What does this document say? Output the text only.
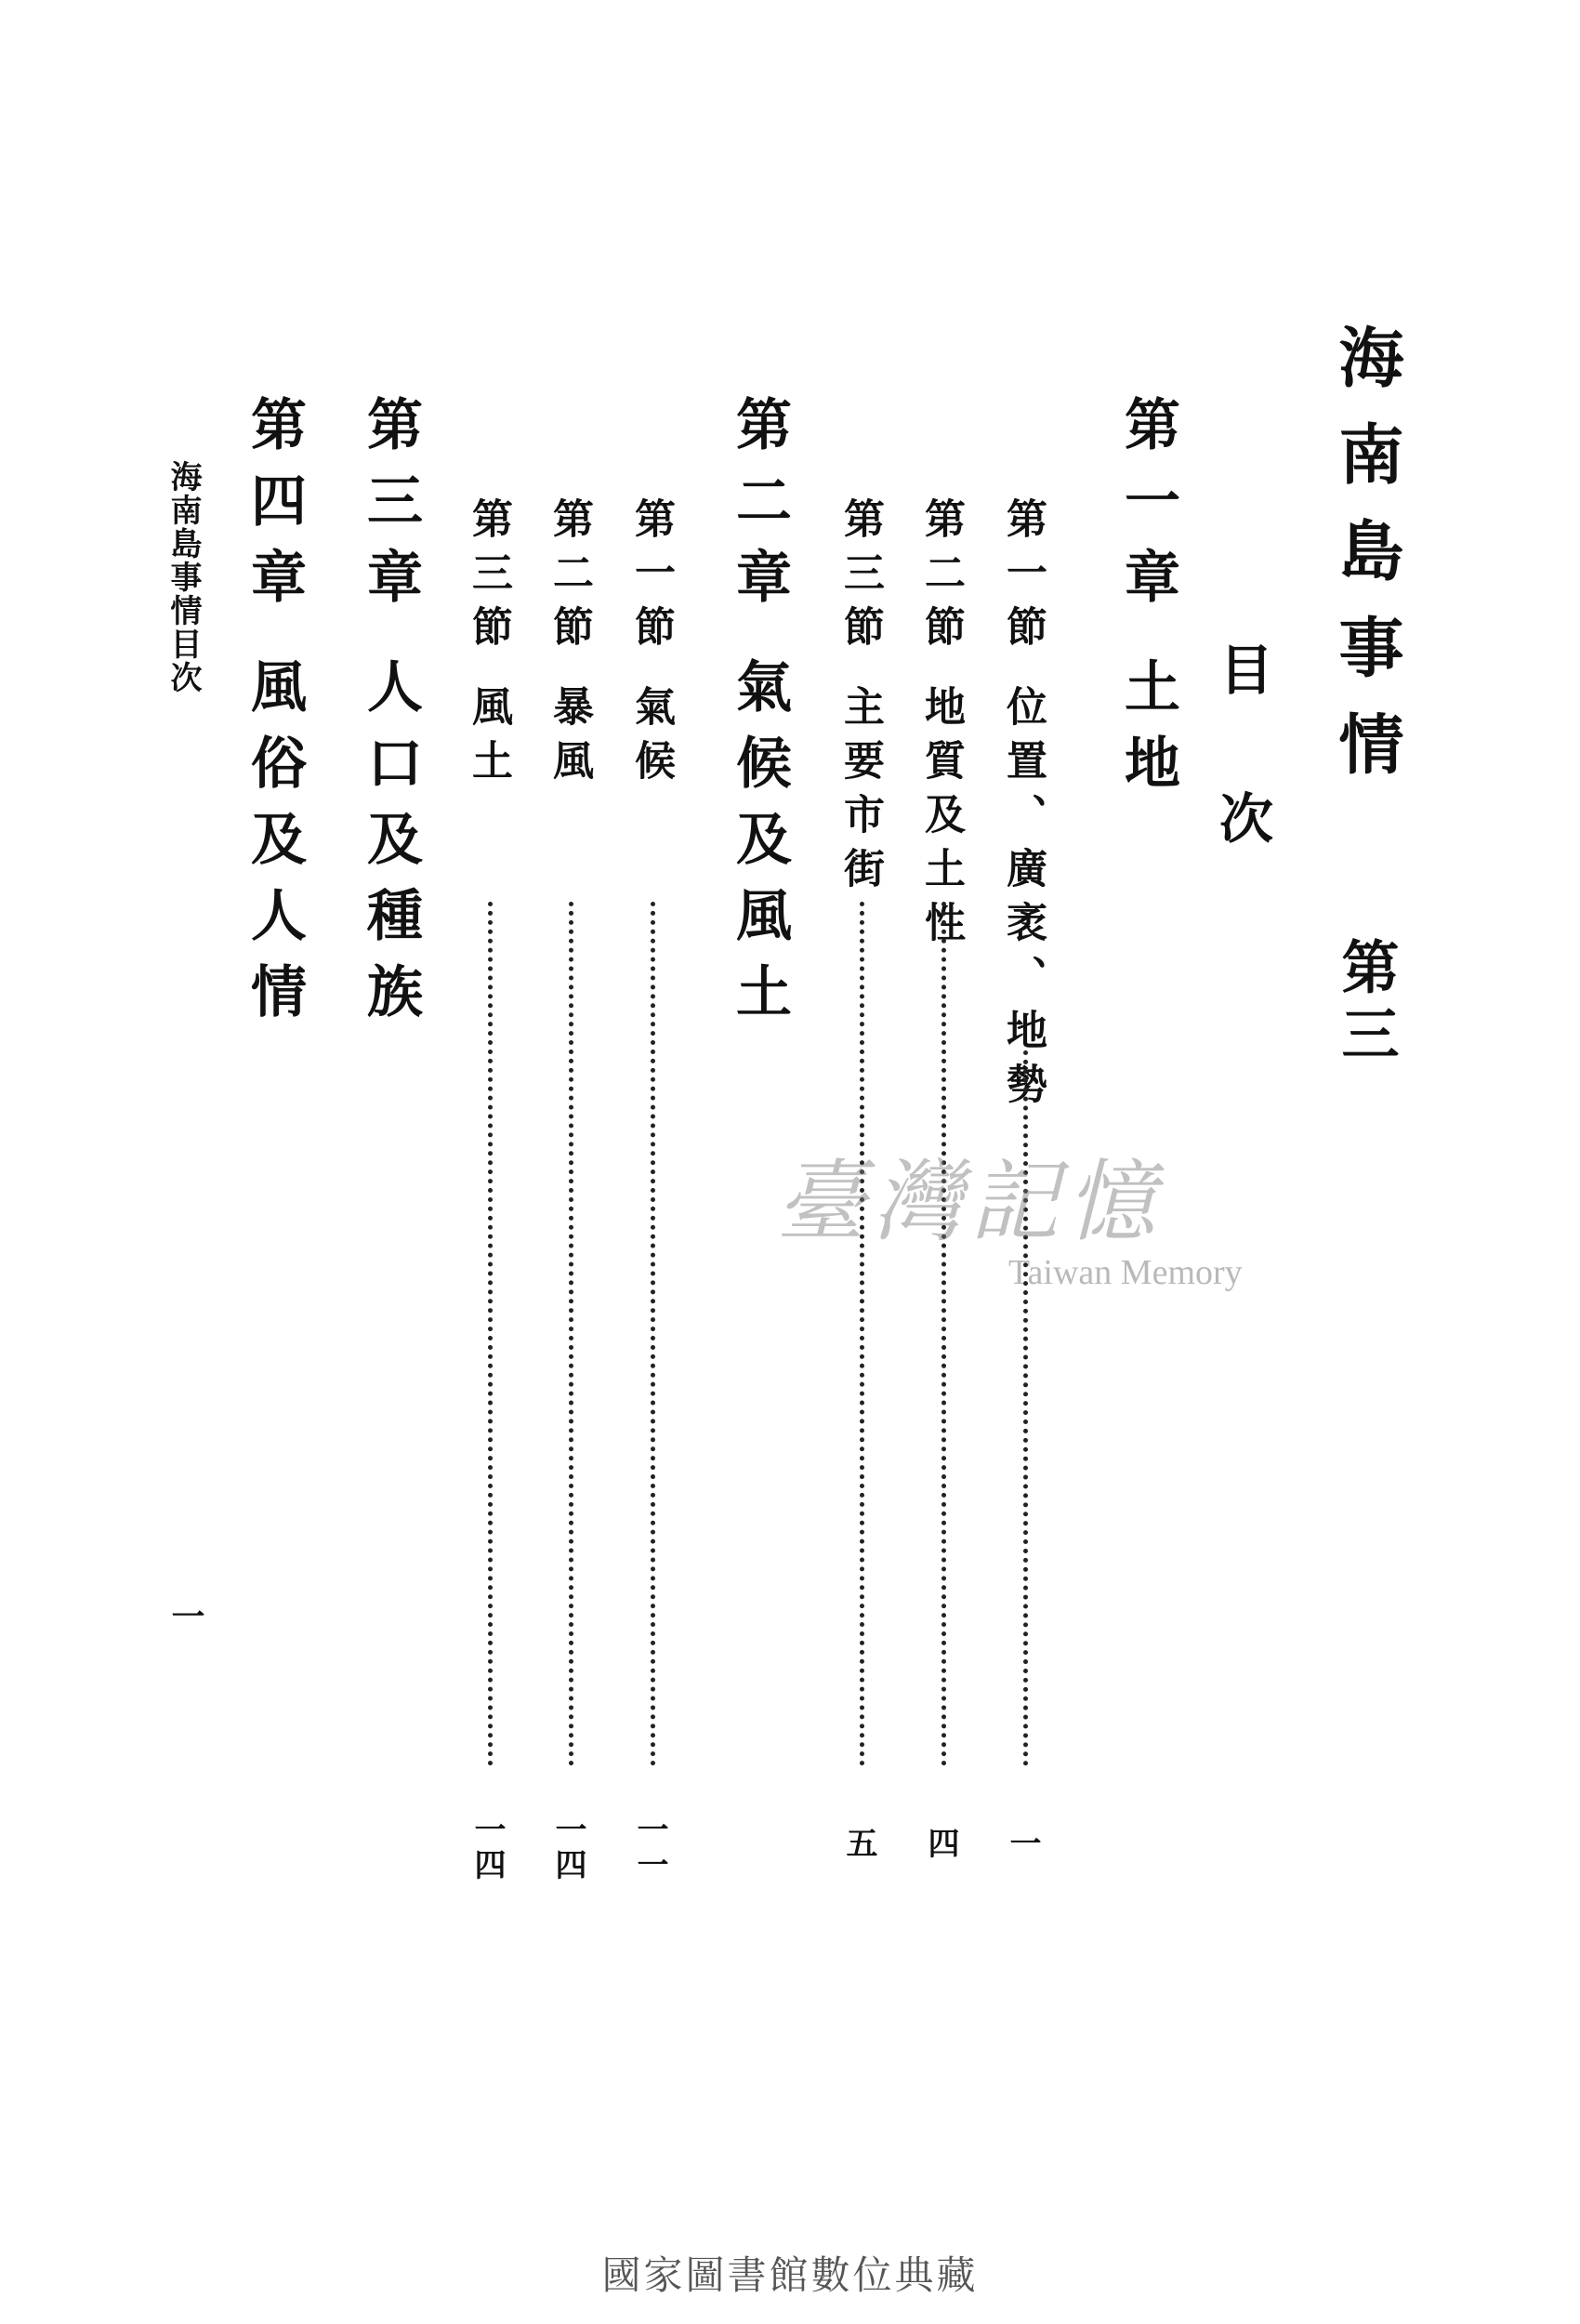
海南島事情
第三
目次
第一章土地
第一節位置、廣袤、地勢
一
第二節地質及土性
四
第三節主要市街
五
第二章氣候及風土
第一節氣候
一一
第二節暴風
一四
第三節風土
一四
第三章人口及種族
第四章風俗及人情
海南島事情目次
一
臺灣記憶
Taiwan Memory
國家圖書館數位典藏
